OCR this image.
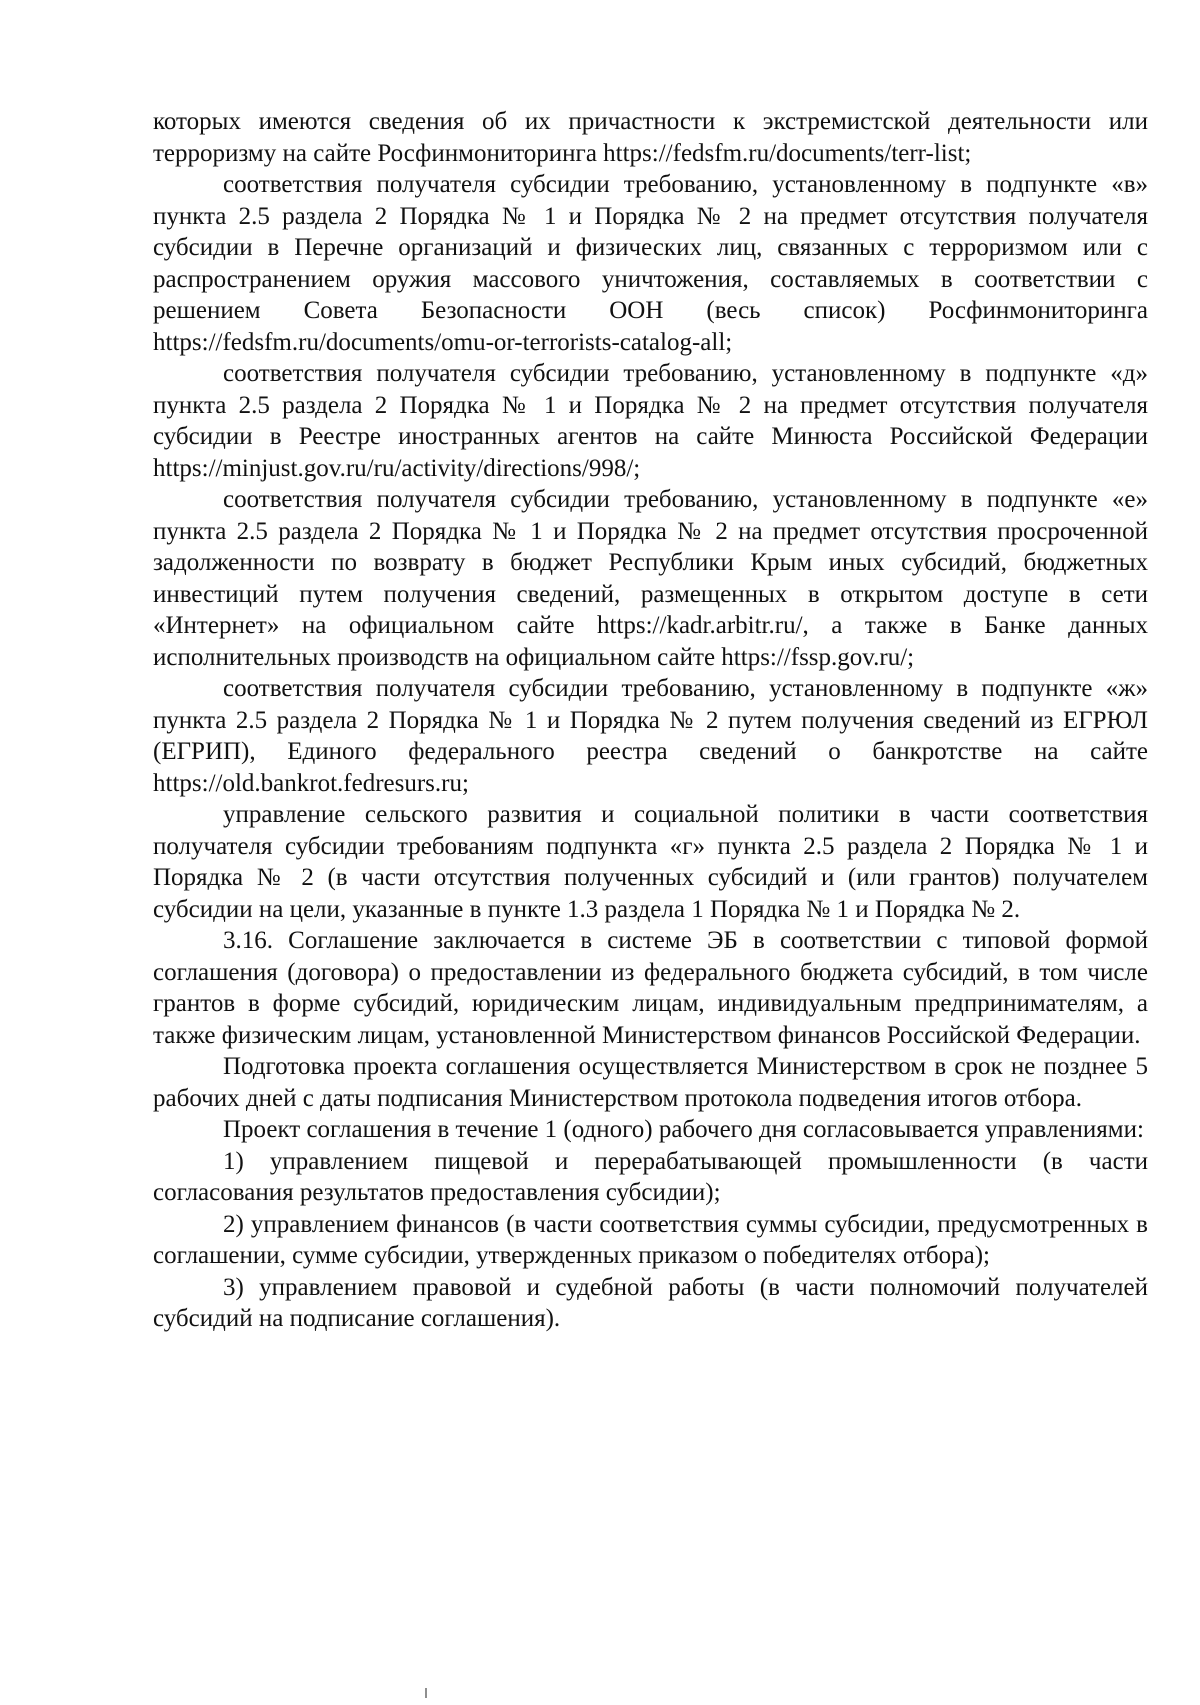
которых имеются сведения об их причастности к экстремистской деятельности или терроризму на сайте Росфинмониторинга https://fedsfm.ru/documents/terr-list;

соответствия получателя субсидии требованию, установленному в подпункте «в» пункта 2.5 раздела 2 Порядка № 1 и Порядка № 2 на предмет отсутствия получателя субсидии в Перечне организаций и физических лиц, связанных с терроризмом или с распространением оружия массового уничтожения, составляемых в соответствии с решением Совета Безопасности ООН (весь список) Росфинмониторинга https://fedsfm.ru/documents/omu-or-terrorists-catalog-all;

соответствия получателя субсидии требованию, установленному в подпункте «д» пункта 2.5 раздела 2 Порядка № 1 и Порядка № 2 на предмет отсутствия получателя субсидии в Реестре иностранных агентов на сайте Минюста Российской Федерации https://minjust.gov.ru/ru/activity/directions/998/;

соответствия получателя субсидии требованию, установленному в подпункте «е» пункта 2.5 раздела 2 Порядка № 1 и Порядка № 2 на предмет отсутствия просроченной задолженности по возврату в бюджет Республики Крым иных субсидий, бюджетных инвестиций путем получения сведений, размещенных в открытом доступе в сети «Интернет» на официальном сайте https://kadr.arbitr.ru/, а также в Банке данных исполнительных производств на официальном сайте https://fssp.gov.ru/;

соответствия получателя субсидии требованию, установленному в подпункте «ж» пункта 2.5 раздела 2 Порядка № 1 и Порядка № 2 путем получения сведений из ЕГРЮЛ (ЕГРИП), Единого федерального реестра сведений о банкротстве на сайте https://old.bankrot.fedresurs.ru;

управление сельского развития и социальной политики в части соответствия получателя субсидии требованиям подпункта «г» пункта 2.5 раздела 2 Порядка № 1 и Порядка № 2 (в части отсутствия полученных субсидий и (или грантов) получателем субсидии на цели, указанные в пункте 1.3 раздела 1 Порядка № 1 и Порядка № 2.

3.16. Соглашение заключается в системе ЭБ в соответствии с типовой формой соглашения (договора) о предоставлении из федерального бюджета субсидий, в том числе грантов в форме субсидий, юридическим лицам, индивидуальным предпринимателям, а также физическим лицам, установленной Министерством финансов Российской Федерации.

Подготовка проекта соглашения осуществляется Министерством в срок не позднее 5 рабочих дней с даты подписания Министерством протокола подведения итогов отбора.

Проект соглашения в течение 1 (одного) рабочего дня согласовывается управлениями:

1) управлением пищевой и перерабатывающей промышленности (в части согласования результатов предоставления субсидии);

2) управлением финансов (в части соответствия суммы субсидии, предусмотренных в соглашении, сумме субсидии, утвержденных приказом о победителях отбора);

3) управлением правовой и судебной работы (в части полномочий получателей субсидий на подписание соглашения).
